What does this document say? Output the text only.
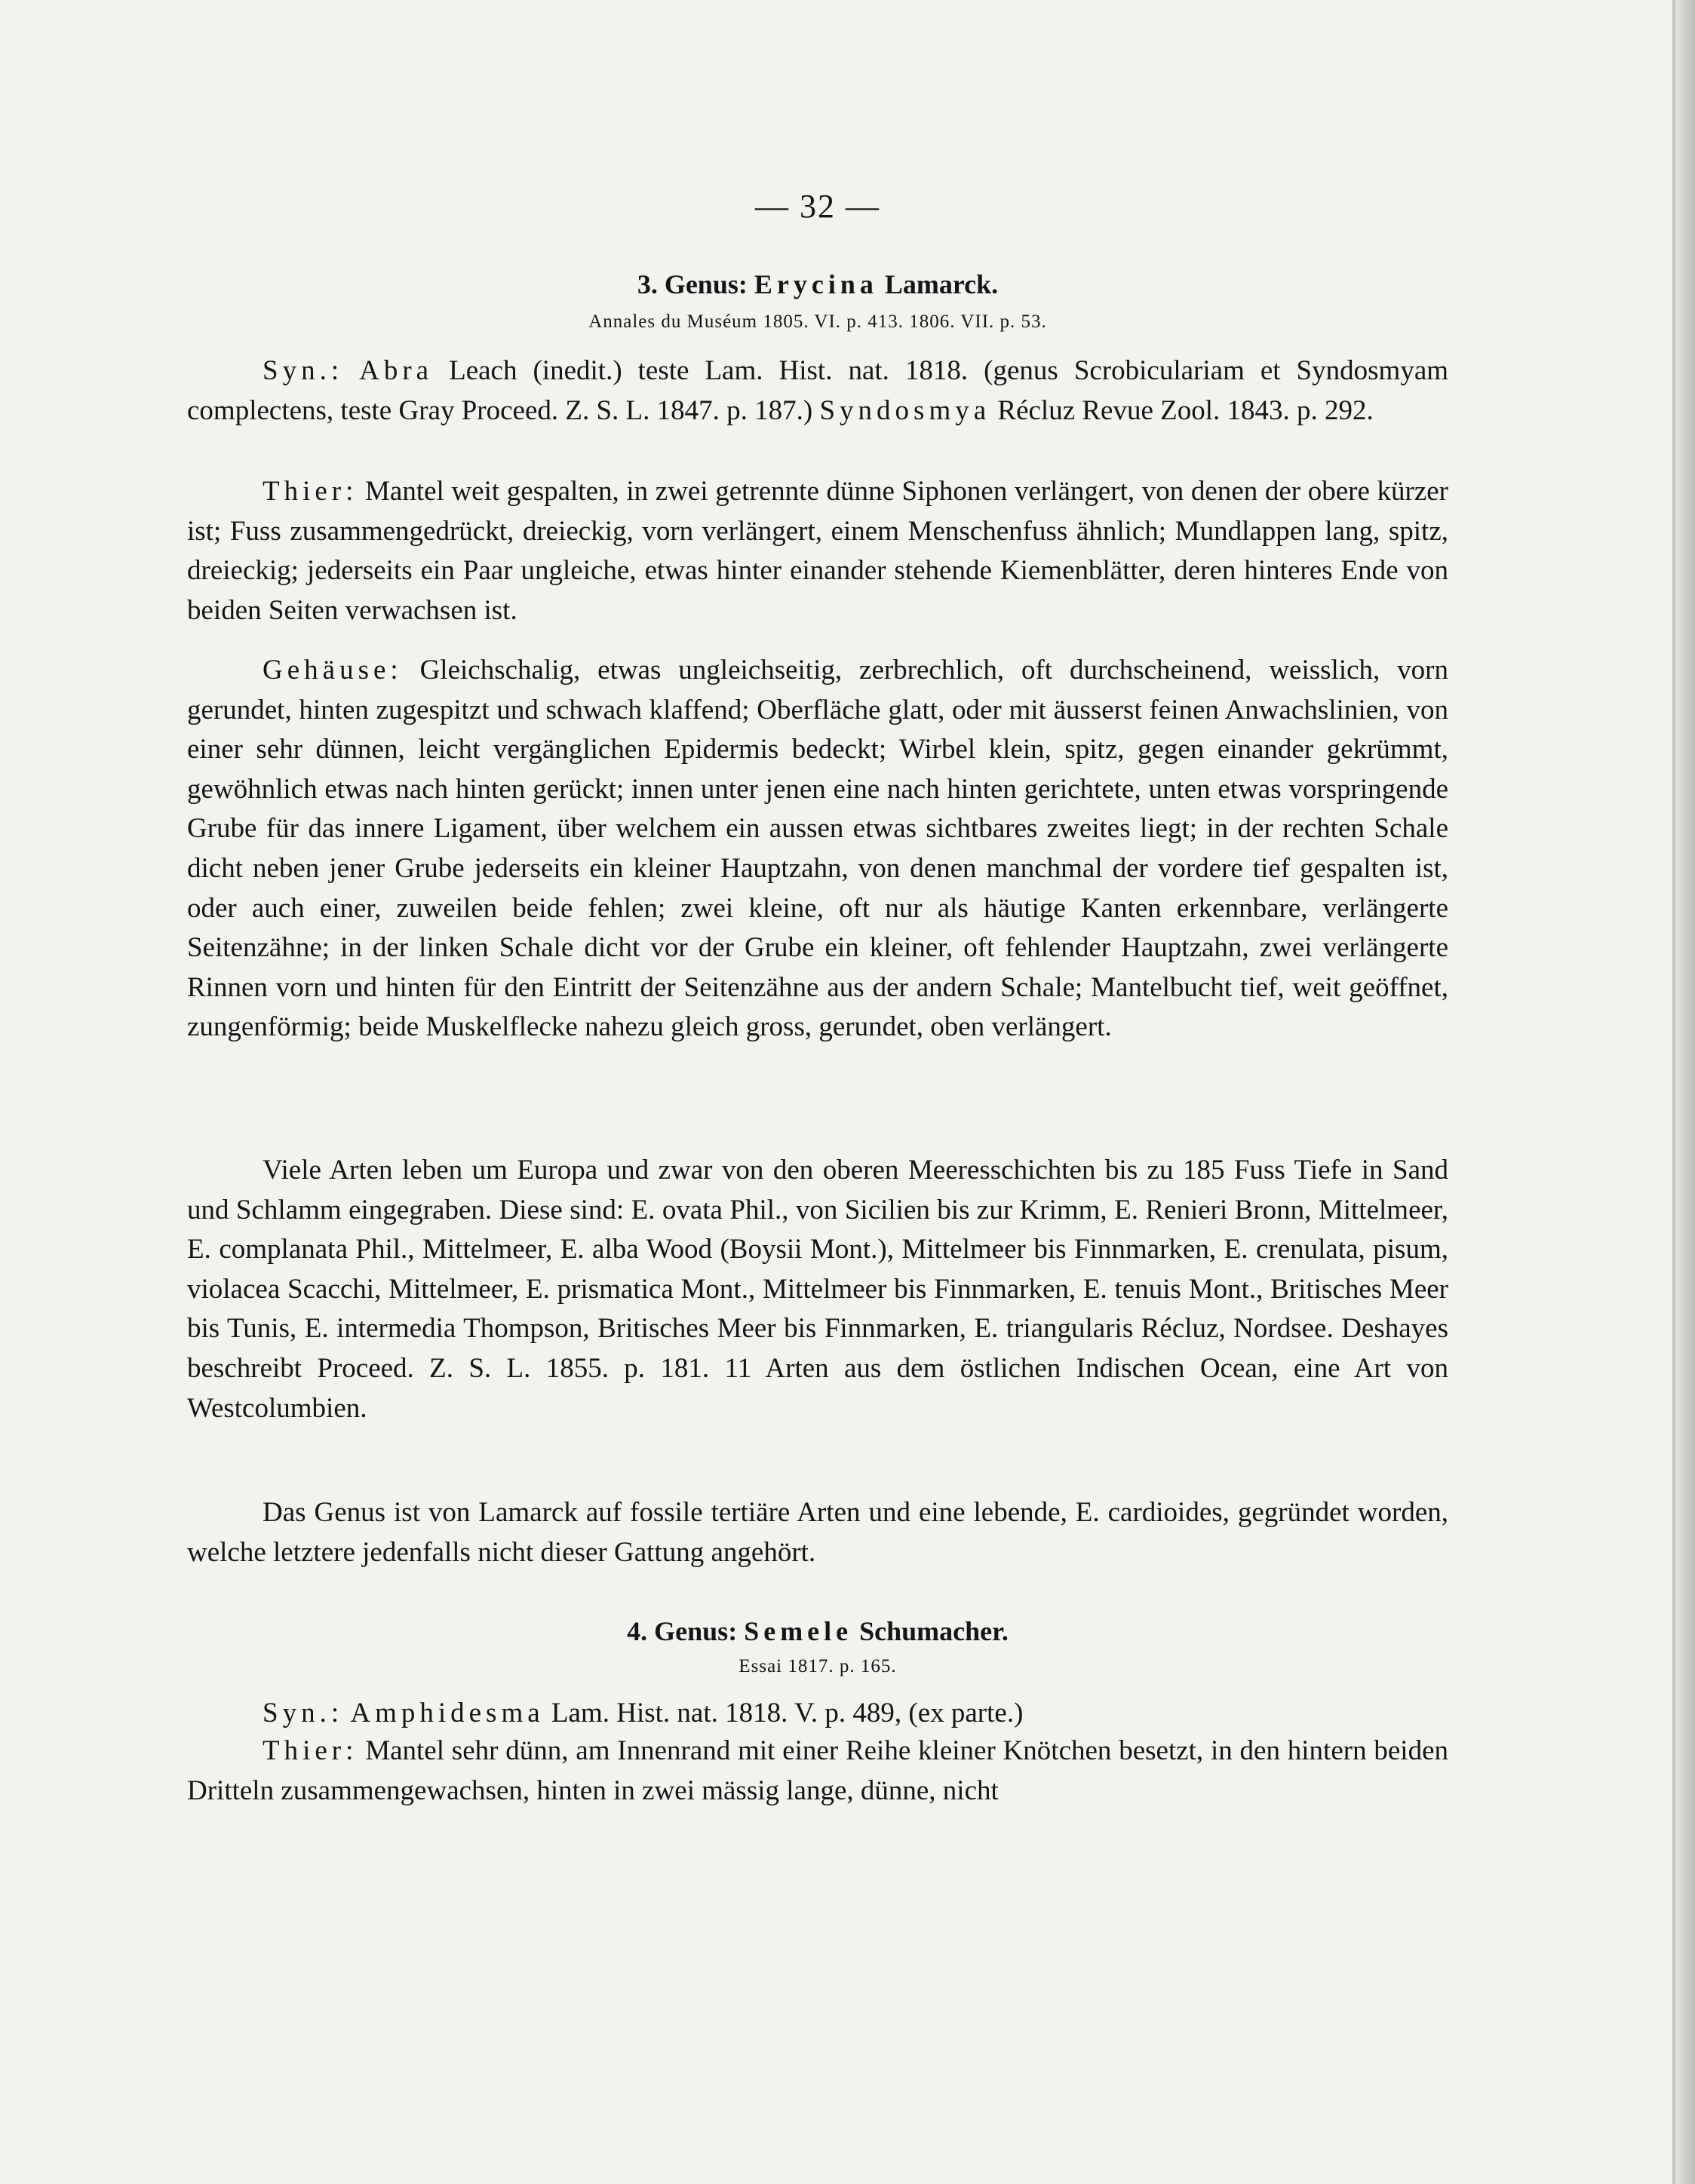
— 32 —
3. Genus: Erycina Lamarck.
Annales du Muséum 1805. VI. p. 413. 1806. VII. p. 53.

Syn.: Abra Leach (inedit.) teste Lam. Hist. nat. 1818. (genus Scrobiculariam et Syndosmyam complectens, teste Gray Proceed. Z. S. L. 1847. p. 187.) Syndosmya Récluz Revue Zool. 1843. p. 292.

Thier: Mantel weit gespalten, in zwei getrennte dünne Siphonen verlängert, von denen der obere kürzer ist; Fuss zusammengedrückt, dreieckig, vorn verlängert, einem Menschenfuss ähnlich; Mundlappen lang, spitz, dreieckig; jederseits ein Paar ungleiche, etwas hinter einander stehende Kiemenblätter, deren hinteres Ende von beiden Seiten verwachsen ist.

Gehäuse: Gleichschalig, etwas ungleichseitig, zerbrechlich, oft durchscheinend, weisslich, vorn gerundet, hinten zugespitzt und schwach klaffend; Oberfläche glatt, oder mit äusserst feinen Anwachslinien, von einer sehr dünnen, leicht vergänglichen Epidermis bedeckt; Wirbel klein, spitz, gegen einander gekrümmt, gewöhnlich etwas nach hinten gerückt; innen unter jenen eine nach hinten gerichtete, unten etwas vorspringende Grube für das innere Ligament, über welchem ein aussen etwas sichtbares zweites liegt; in der rechten Schale dicht neben jener Grube jederseits ein kleiner Hauptzahn, von denen manchmal der vordere tief gespalten ist, oder auch einer, zuweilen beide fehlen; zwei kleine, oft nur als häutige Kanten erkennbare, verlängerte Seitenzähne; in der linken Schale dicht vor der Grube ein kleiner, oft fehlender Hauptzahn, zwei verlängerte Rinnen vorn und hinten für den Eintritt der Seitenzähne aus der andern Schale; Mantelbucht tief, weit geöffnet, zungenförmig; beide Muskelflecke nahezu gleich gross, gerundet, oben verlängert.

Viele Arten leben um Europa und zwar von den oberen Meeresschichten bis zu 185 Fuss Tiefe in Sand und Schlamm eingegraben. Diese sind: E. ovata Phil., von Sicilien bis zur Krimm, E. Renieri Bronn, Mittelmeer, E. complanata Phil., Mittelmeer, E. alba Wood (Boysii Mont.), Mittelmeer bis Finnmarken, E. crenulata, pisum, violacea Scacchi, Mittelmeer, E. prismatica Mont., Mittelmeer bis Finnmarken, E. tenuis Mont., Britisches Meer bis Tunis, E. intermedia Thompson, Britisches Meer bis Finnmarken, E. triangularis Récluz, Nordsee. Deshayes beschreibt Proceed. Z. S. L. 1855. p. 181. 11 Arten aus dem östlichen Indischen Ocean, eine Art von Westcolumbien.

Das Genus ist von Lamarck auf fossile tertiäre Arten und eine lebende, E. cardioides, gegründet worden, welche letztere jedenfalls nicht dieser Gattung angehört.

4. Genus: Semele Schumacher.
Essai 1817. p. 165.

Syn.: Amphidesma Lam. Hist. nat. 1818. V. p. 489, (ex parte.)

Thier: Mantel sehr dünn, am Innenrand mit einer Reihe kleiner Knötchen besetzt, in den hintern beiden Dritteln zusammengewachsen, hinten in zwei mässig lange, dünne, nicht
